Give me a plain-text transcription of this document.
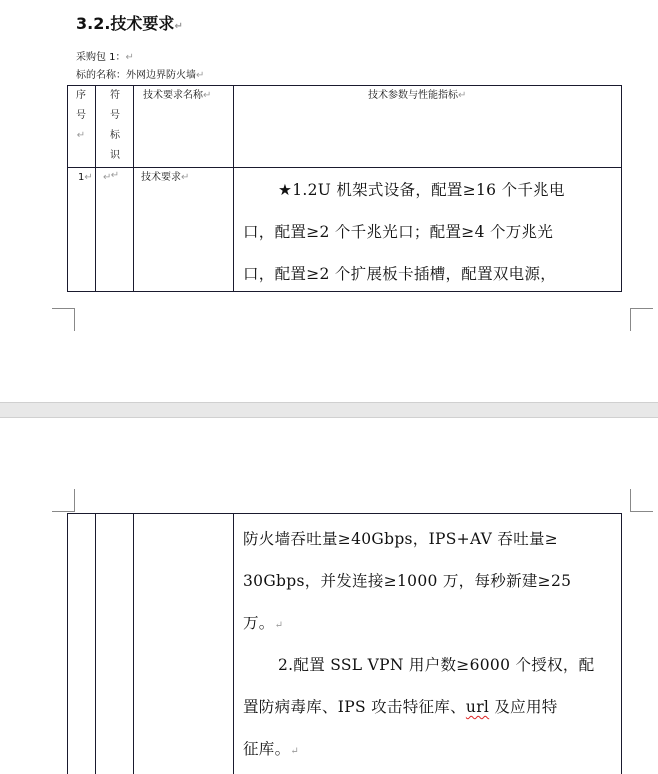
3.2.技术要求↵
采购包 1：↵
标的名称：外网边界防火墙↵
序
号↵
符
号
标
识↵
技术要求名称↵	技术参数与性能指标↵
1↵ ↵	技术要求↵
★1.2U 机架式设备，配置≥16 个千兆电
口，配置≥2 个千兆光口；配置≥4 个万兆光
口，配置≥2 个扩展板卡插槽，配置双电源，
防火墙吞吐量≥40Gbps，IPS+AV 吞吐量≥
30Gbps，并发连接≥1000 万，每秒新建≥25
万。↵
2.配置 SSL VPN 用户数≥6000 个授权，配
置防病毒库、IPS 攻击特征库、url 及应用特
征库。↵
